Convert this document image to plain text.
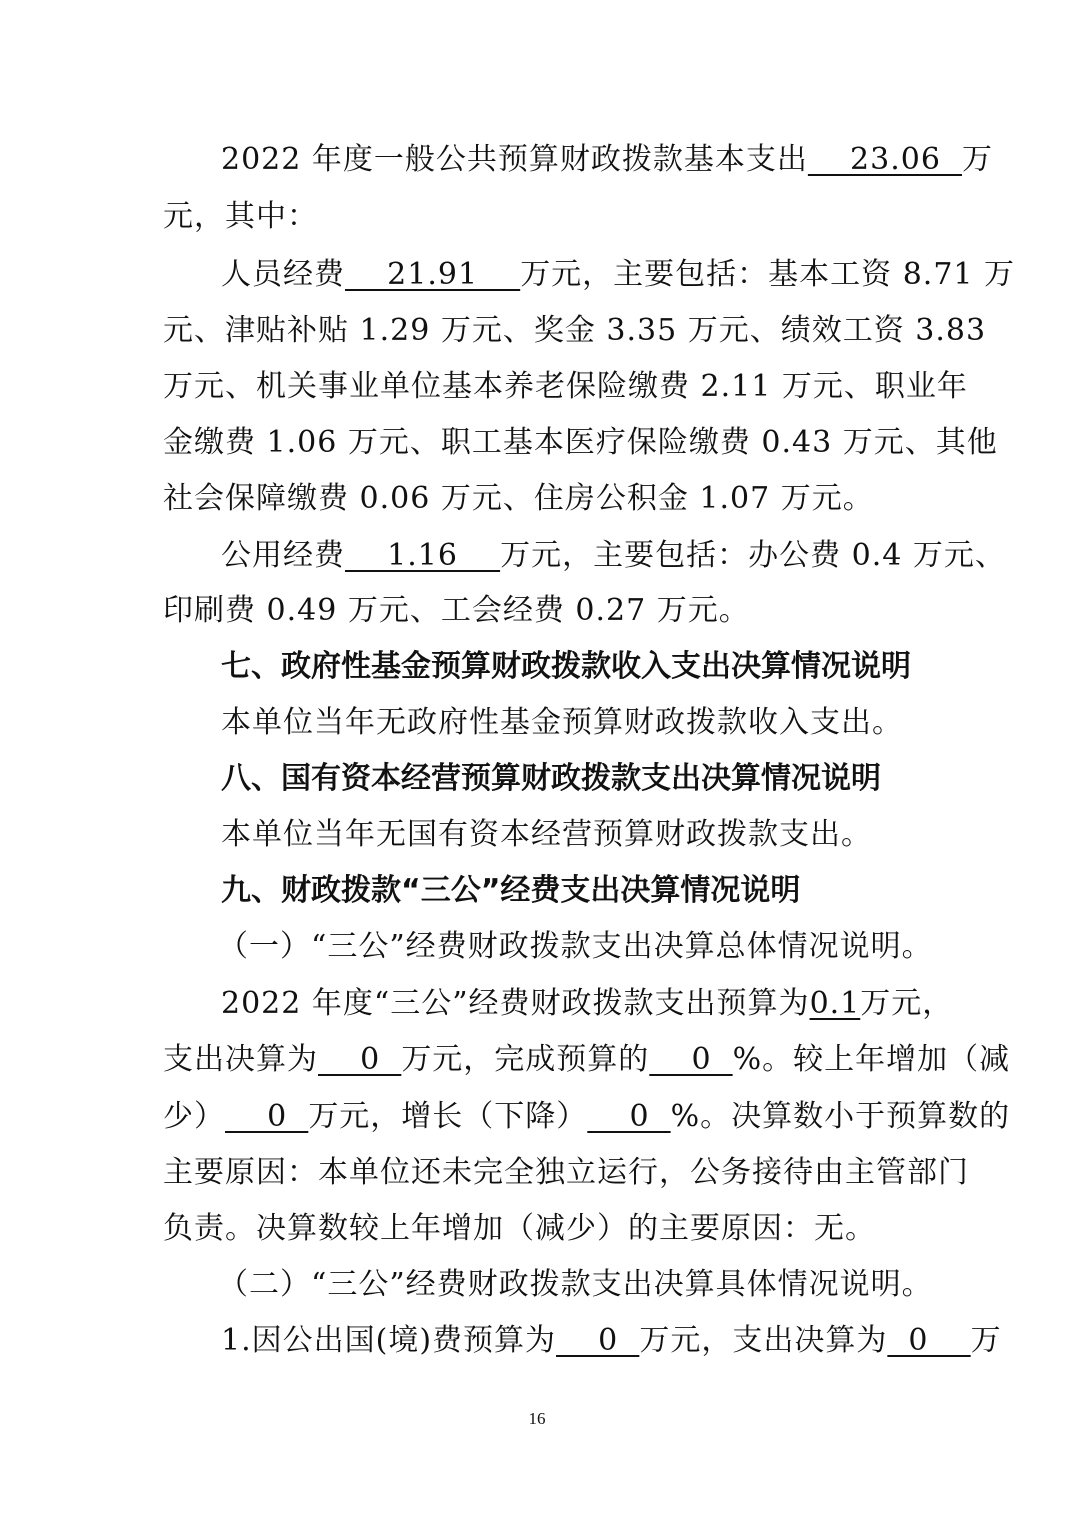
2022 年度一般公共预算财政拨款基本支出    23.06  万
元，其中：
人员经费    21.91    万元，主要包括：基本工资 8.71 万
元、津贴补贴 1.29 万元、奖金 3.35 万元、绩效工资 3.83
万元、机关事业单位基本养老保险缴费 2.11 万元、职业年
金缴费 1.06 万元、职工基本医疗保险缴费 0.43 万元、其他
社会保障缴费 0.06 万元、住房公积金 1.07 万元。
公用经费    1.16    万元，主要包括：办公费 0.4 万元、
印刷费 0.49 万元、工会经费 0.27 万元。
七、政府性基金预算财政拨款收入支出决算情况说明
本单位当年无政府性基金预算财政拨款收入支出。
八、国有资本经营预算财政拨款支出决算情况说明
本单位当年无国有资本经营预算财政拨款支出。
九、财政拨款“三公”经费支出决算情况说明
（一）“三公”经费财政拨款支出决算总体情况说明。
2022 年度“三公”经费财政拨款支出预算为0.1万元，
支出决算为    0  万元，完成预算的    0  %。较上年增加（减
少）    0  万元，增长（下降）    0  %。决算数小于预算数的
主要原因：本单位还未完全独立运行，公务接待由主管部门
负责。决算数较上年增加（减少）的主要原因：无。
（二）“三公”经费财政拨款支出决算具体情况说明。
1.因公出国(境)费预算为    0  万元，支出决算为  0    万
16
